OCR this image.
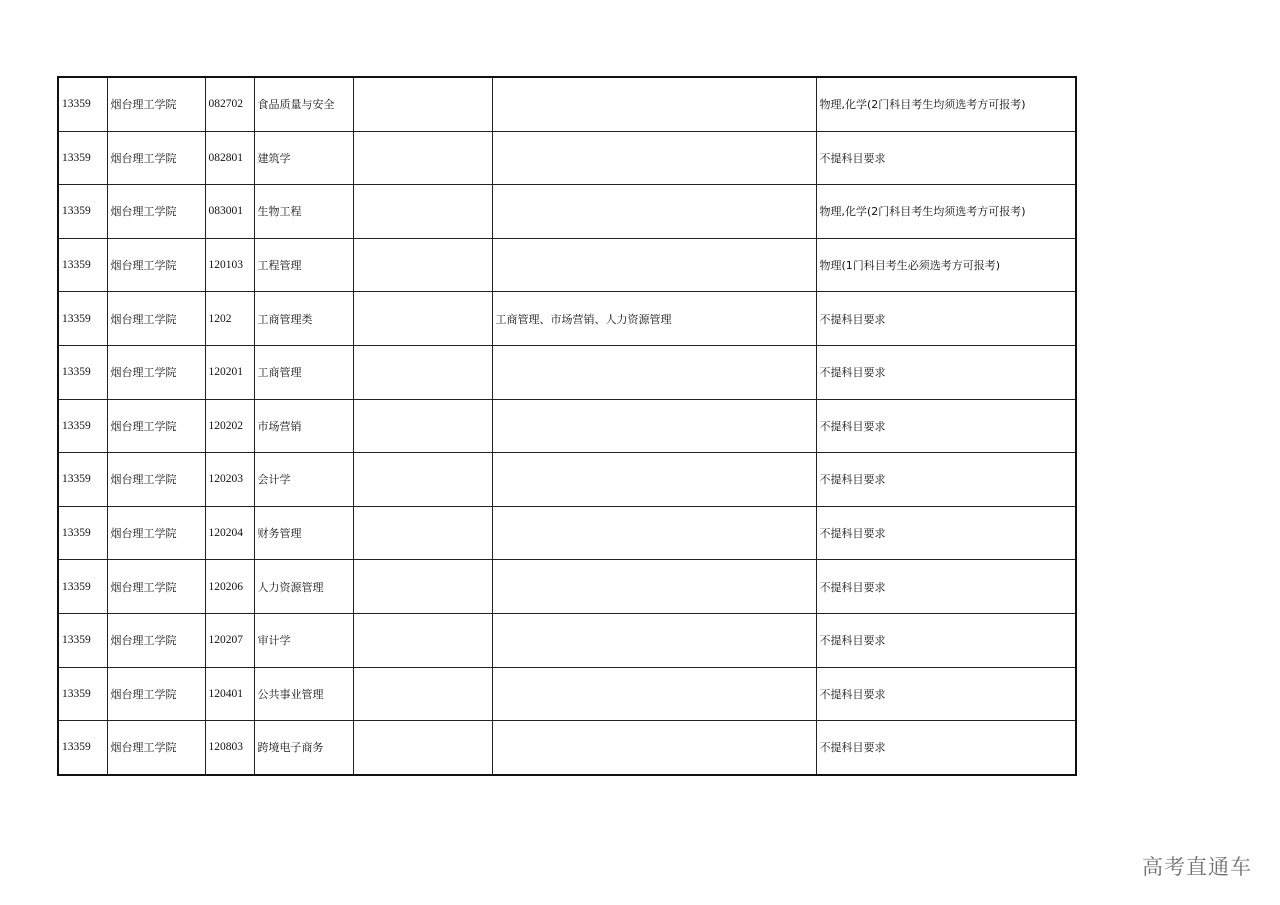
13359	烟台理工学院	082702	食品质量与安全			物理,化学(2门科目考生均须选考方可报考)
13359	烟台理工学院	082801	建筑学			不提科目要求
13359	烟台理工学院	083001	生物工程			物理,化学(2门科目考生均须选考方可报考)
13359	烟台理工学院	120103	工程管理			物理(1门科目考生必须选考方可报考)
13359	烟台理工学院	1202	工商管理类		工商管理、市场营销、人力资源管理	不提科目要求
13359	烟台理工学院	120201	工商管理			不提科目要求
13359	烟台理工学院	120202	市场营销			不提科目要求
13359	烟台理工学院	120203	会计学			不提科目要求
13359	烟台理工学院	120204	财务管理			不提科目要求
13359	烟台理工学院	120206	人力资源管理			不提科目要求
13359	烟台理工学院	120207	审计学			不提科目要求
13359	烟台理工学院	120401	公共事业管理			不提科目要求
13359	烟台理工学院	120803	跨境电子商务			不提科目要求
高考直通车
